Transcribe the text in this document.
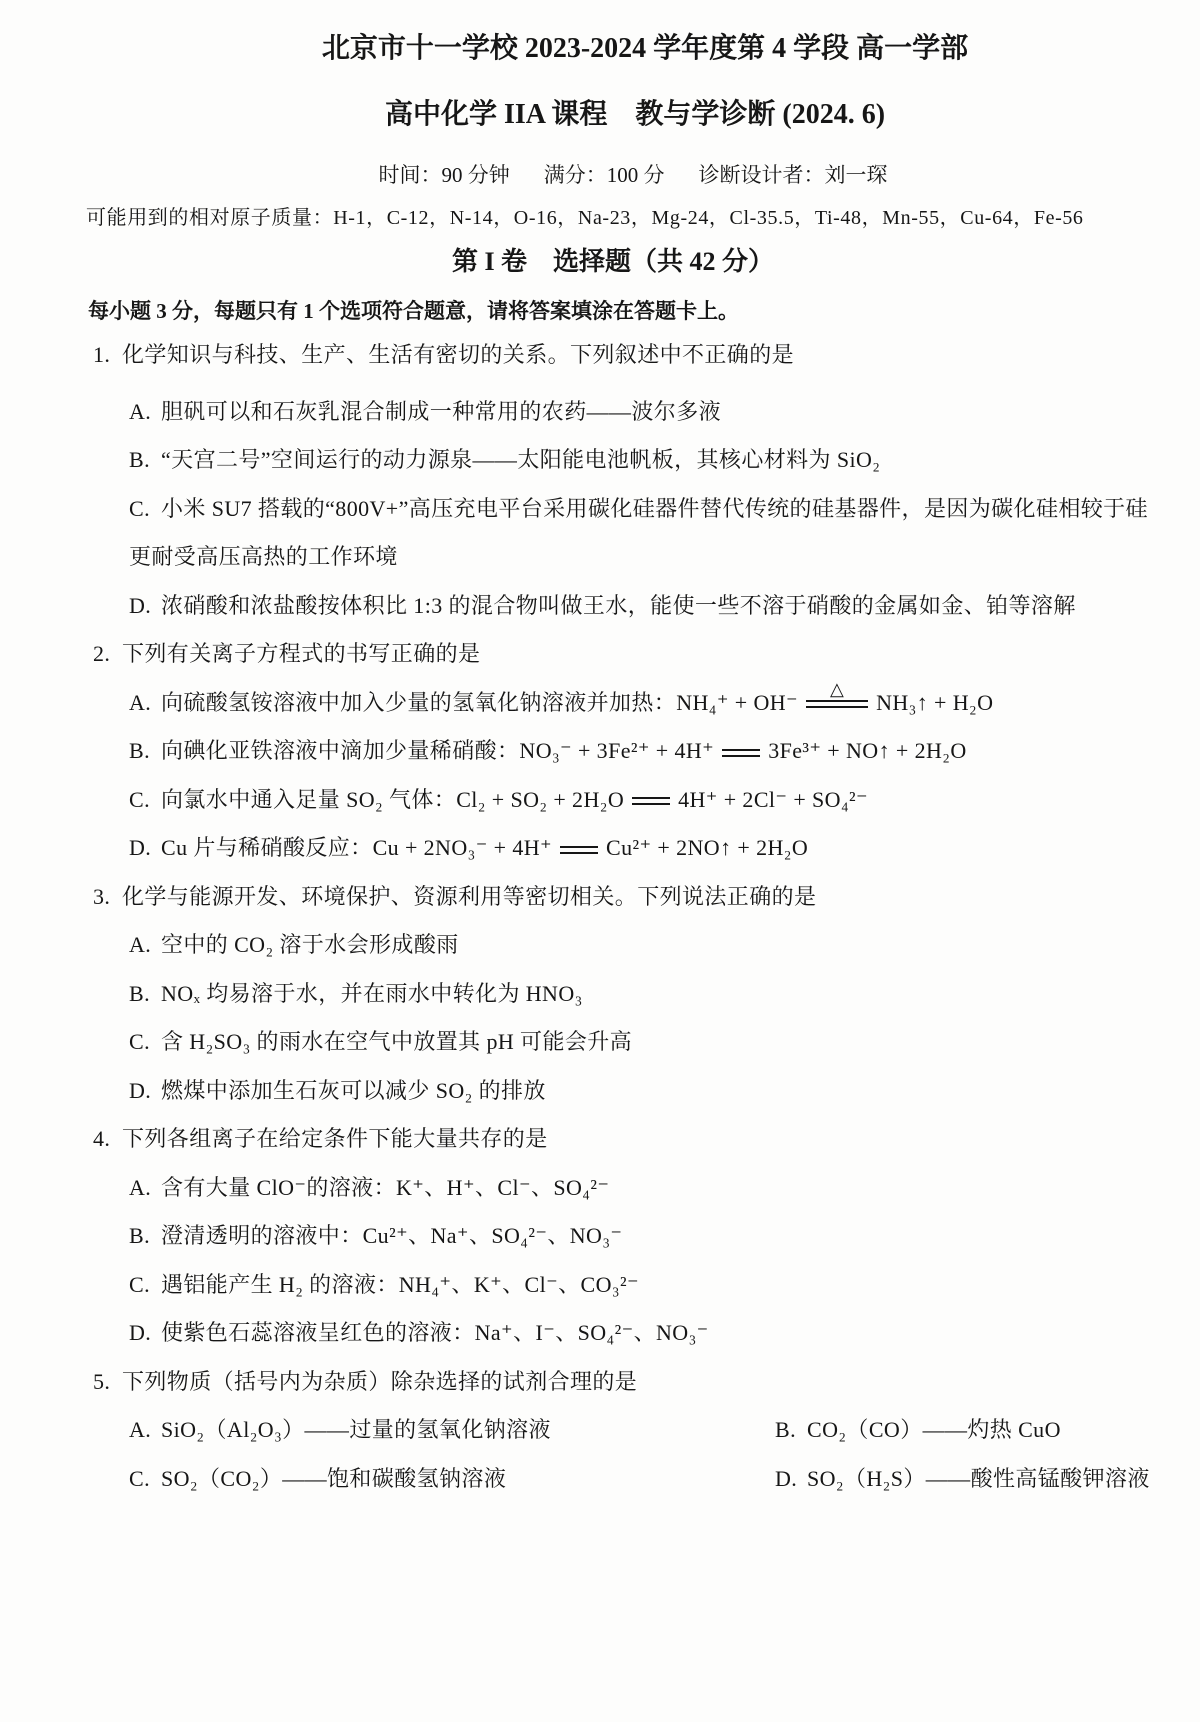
北京市十一学校 2023-2024 学年度第 4 学段 高一学部
高中化学 IIA 课程　教与学诊断 (2024. 6)
时间：90 分钟 满分：100 分 诊断设计者：刘一琛
可能用到的相对原子质量：H-1，C-12，N-14，O-16，Na-23，Mg-24，Cl-35.5，Ti-48，Mn-55，Cu-64，Fe-56
第 I 卷　选择题（共 42 分）
每小题 3 分，每题只有 1 个选项符合题意，请将答案填涂在答题卡上。
1. 化学知识与科技、生产、生活有密切的关系。下列叙述中不正确的是
A. 胆矾可以和石灰乳混合制成一种常用的农药——波尔多液
B. “天宫二号”空间运行的动力源泉——太阳能电池帆板，其核心材料为 SiO₂
C. 小米 SU7 搭载的“800V+”高压充电平台采用碳化硅器件替代传统的硅基器件，是因为碳化硅相较于硅
更耐受高压高热的工作环境
D. 浓硝酸和浓盐酸按体积比 1:3 的混合物叫做王水，能使一些不溶于硝酸的金属如金、铂等溶解
2. 下列有关离子方程式的书写正确的是
A. 向硫酸氢铵溶液中加入少量的氢氧化钠溶液并加热：NH₄⁺ + OH⁻
△
NH₃↑ + H₂O
B. 向碘化亚铁溶液中滴加少量稀硝酸：NO₃⁻ + 3Fe²⁺ + 4H⁺ 3Fe³⁺ + NO↑ + 2H₂O
C. 向氯水中通入足量 SO₂ 气体：Cl₂ + SO₂ + 2H₂O 4H⁺ + 2Cl⁻ + SO₄²⁻
D. Cu 片与稀硝酸反应：Cu + 2NO₃⁻ + 4H⁺ Cu²⁺ + 2NO↑ + 2H₂O
3. 化学与能源开发、环境保护、资源利用等密切相关。下列说法正确的是
A. 空中的 CO₂ 溶于水会形成酸雨
B. NOₓ 均易溶于水，并在雨水中转化为 HNO₃
C. 含 H₂SO₃ 的雨水在空气中放置其 pH 可能会升高
D. 燃煤中添加生石灰可以减少 SO₂ 的排放
4. 下列各组离子在给定条件下能大量共存的是
A. 含有大量 ClO⁻的溶液：K⁺、H⁺、Cl⁻、SO₄²⁻
B. 澄清透明的溶液中：Cu²⁺、Na⁺、SO₄²⁻、NO₃⁻
C. 遇铝能产生 H₂ 的溶液：NH₄⁺、K⁺、Cl⁻、CO₃²⁻
D. 使紫色石蕊溶液呈红色的溶液：Na⁺、I⁻、SO₄²⁻、NO₃⁻
5. 下列物质（括号内为杂质）除杂选择的试剂合理的是
A. SiO₂（Al₂O₃）——过量的氢氧化钠溶液	B. CO₂（CO）——灼热 CuO
C. SO₂（CO₂）——饱和碳酸氢钠溶液	D. SO₂（H₂S）——酸性高锰酸钾溶液
